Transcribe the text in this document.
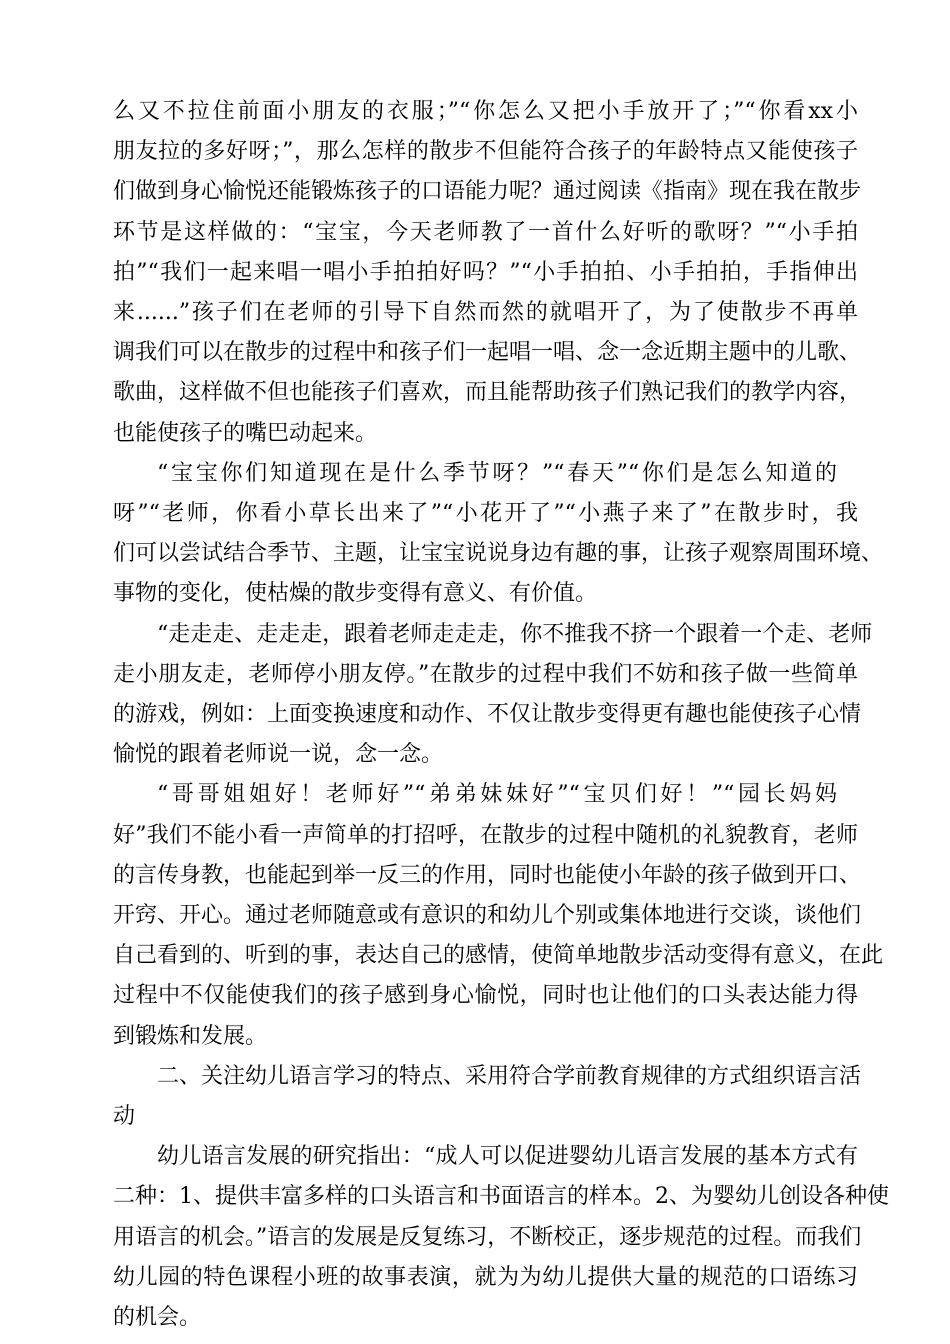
么又不拉住前面小朋友的衣服；”“你怎么又把小手放开了；”“你看xx小
朋友拉的多好呀；”，那么怎样的散步不但能符合孩子的年龄特点又能使孩子
们做到身心愉悦还能锻炼孩子的口语能力呢？通过阅读《指南》现在我在散步
环节是这样做的：“宝宝，今天老师教了一首什么好听的歌呀？”“小手拍
拍”“我们一起来唱一唱小手拍拍好吗？”“小手拍拍、小手拍拍，手指伸出
来......”孩子们在老师的引导下自然而然的就唱开了，为了使散步不再单
调我们可以在散步的过程中和孩子们一起唱一唱、念一念近期主题中的儿歌、
歌曲，这样做不但也能孩子们喜欢，而且能帮助孩子们熟记我们的教学内容，
也能使孩子的嘴巴动起来。
“宝宝你们知道现在是什么季节呀？”“春天”“你们是怎么知道的
呀”“老师，你看小草长出来了”“小花开了”“小燕子来了”在散步时，我
们可以尝试结合季节、主题，让宝宝说说身边有趣的事，让孩子观察周围环境、
事物的变化，使枯燥的散步变得有意义、有价值。
“走走走、走走走，跟着老师走走走，你不推我不挤一个跟着一个走、老师
走小朋友走，老师停小朋友停。”在散步的过程中我们不妨和孩子做一些简单
的游戏，例如：上面变换速度和动作、不仅让散步变得更有趣也能使孩子心情
愉悦的跟着老师说一说，念一念。
“哥哥姐姐好！老师好”“弟弟妹妹好”“宝贝们好！”“园长妈妈
好”我们不能小看一声简单的打招呼，在散步的过程中随机的礼貌教育，老师
的言传身教，也能起到举一反三的作用，同时也能使小年龄的孩子做到开口、
开窍、开心。通过老师随意或有意识的和幼儿个别或集体地进行交谈，谈他们
自己看到的、听到的事，表达自己的感情，使简单地散步活动变得有意义，在此
过程中不仅能使我们的孩子感到身心愉悦，同时也让他们的口头表达能力得
到锻炼和发展。
二、关注幼儿语言学习的特点、采用符合学前教育规律的方式组织语言活
动
幼儿语言发展的研究指出：“成人可以促进婴幼儿语言发展的基本方式有
二种：1、提供丰富多样的口头语言和书面语言的样本。2、为婴幼儿创设各种使
用语言的机会。”语言的发展是反复练习，不断校正，逐步规范的过程。而我们
幼儿园的特色课程小班的故事表演，就为为幼儿提供大量的规范的口语练习
的机会。
